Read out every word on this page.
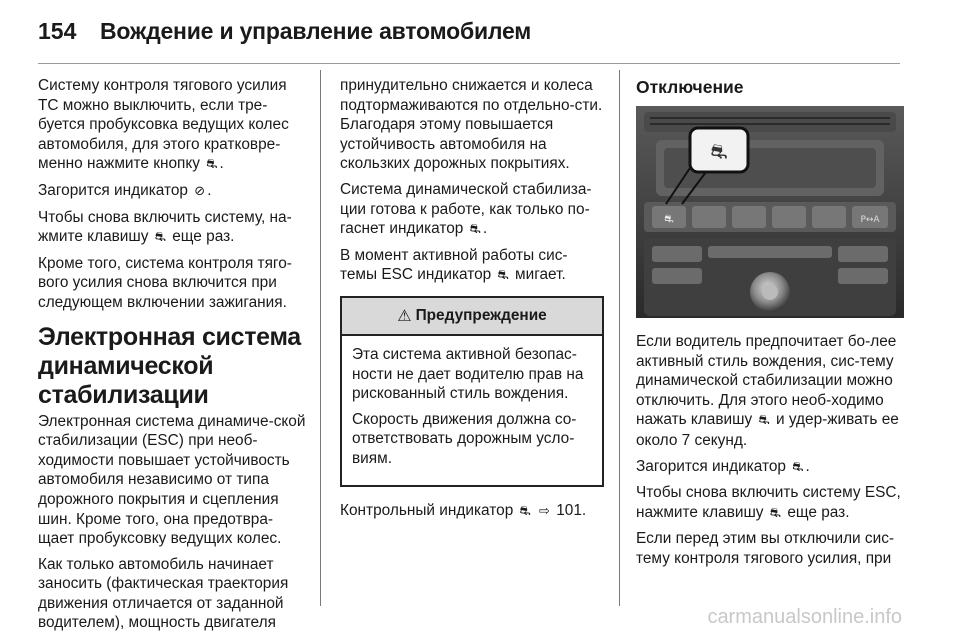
154	Вождение и управление автомобилем

Систему контроля тягового усилия TC можно выключить, если тре-буется пробуксовка ведущих колес автомобиля, для этого кратковре-менно нажмите кнопку ⛐ .

Загорится индикатор ⊘ .

Чтобы снова включить систему, на-жмите клавишу ⛐ еще раз.

Кроме того, система контроля тяго-вого усилия снова включится при следующем включении зажигания.

Электронная система динамической стабилизации

Электронная система динамиче-ской стабилизации (ESC) при необ-ходимости повышает устойчивость автомобиля независимо от типа дорожного покрытия и сцепления шин. Кроме того, она предотвра-щает пробуксовку ведущих колес.

Как только автомобиль начинает заносить (фактическая траектория движения отличается от заданной водителем), мощность двигателя

принудительно снижается и колеса подтормаживаются по отдельно-сти. Благодаря этому повышается устойчивость автомобиля на скользких дорожных покрытиях.

Система динамической стабилиза-ции готова к работе, как только по-гаснет индикатор ⛐ .

В момент активной работы сис-темы ESC индикатор ⛐ мигает.

⚠ Предупреждение

Эта система активной безопас-ности не дает водителю прав на рискованный стиль вождения.

Скорость движения должна со-ответствовать дорожным усло-виям.

Контрольный индикатор ⛐ ⇨ 101.

Отключение
P↔A
⛐
⛐

Если водитель предпочитает бо-лее активный стиль вождения, сис-тему динамической стабилизации можно отключить. Для этого необ-ходимо нажать клавишу ⛐ и удер-живать ее около 7 секунд.

Загорится индикатор ⛐ .

Чтобы снова включить систему ESC, нажмите клавишу ⛐ еще раз.

Если перед этим вы отключили сис-тему контроля тягового усилия, при

carmanualsonline.info
